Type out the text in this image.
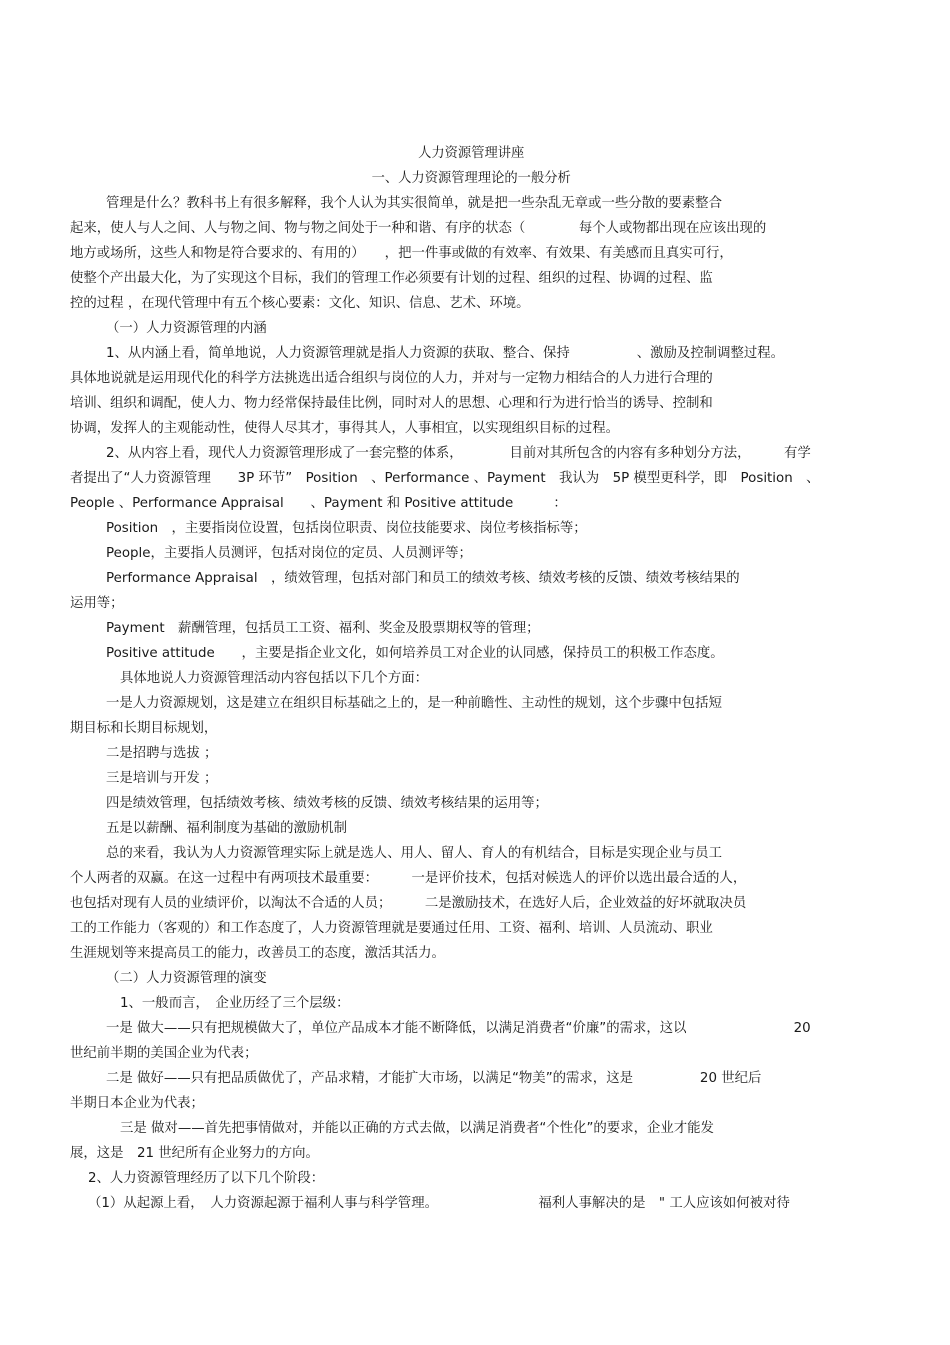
人力资源管理讲座
一、人力资源管理理论的一般分析
管理是什么？教科书上有很多解释，我个人认为其实很简单，就是把一些杂乱无章或一些分散的要素整合
起来，使人与人之间、人与物之间、物与物之间处于一种和谐、有序的状态（　　　　每个人或物都出现在应该出现的
地方或场所，这些人和物是符合要求的、有用的）　　，把一件事或做的有效率、有效果、有美感而且真实可行，
使整个产出最大化，为了实现这个目标，我们的管理工作必须要有计划的过程、组织的过程、协调的过程、监
控的过程 ，在现代管理中有五个核心要素：文化、知识、信息、艺术、环境。
（一）人力资源管理的内涵
1、从内涵上看，简单地说，人力资源管理就是指人力资源的获取、整合、保持　　　　　、激励及控制调整过程。
具体地说就是运用现代化的科学方法挑选出适合组织与岗位的人力，并对与一定物力相结合的人力进行合理的
培训、组织和调配，使人力、物力经常保持最佳比例，同时对人的思想、心理和行为进行恰当的诱导、控制和
协调，发挥人的主观能动性，使得人尽其才，事得其人，人事相宜，以实现组织目标的过程。
2、从内容上看，现代人力资源管理形成了一套完整的体系，　　　　目前对其所包含的内容有多种划分方法，　　　有学
者提出了“人力资源管理　　3P 环节”　Position　、Performance 、Payment　我认为　5P 模型更科学，即　Position　、
People 、Performance Appraisal　　、Payment 和 Positive attitude　　　：
Position　，主要指岗位设置，包括岗位职责、岗位技能要求、岗位考核指标等；
People，主要指人员测评，包括对岗位的定员、人员测评等；
Performance Appraisal　，绩效管理，包括对部门和员工的绩效考核、绩效考核的反馈、绩效考核结果的
运用等；
Payment　薪酬管理，包括员工工资、福利、奖金及股票期权等的管理；
Positive attitude　　，主要是指企业文化，如何培养员工对企业的认同感，保持员工的积极工作态度。
具体地说人力资源管理活动内容包括以下几个方面：
一是人力资源规划，这是建立在组织目标基础之上的，是一种前瞻性、主动性的规划，这个步骤中包括短
期目标和长期目标规划，
二是招聘与选拔 ；
三是培训与开发 ；
四是绩效管理，包括绩效考核、绩效考核的反馈、绩效考核结果的运用等；
五是以薪酬、福利制度为基础的激励机制
总的来看，我认为人力资源管理实际上就是选人、用人、留人、育人的有机结合，目标是实现企业与员工
个人两者的双赢。在这一过程中有两项技术最重要：　　　一是评价技术，包括对候选人的评价以选出最合适的人，
也包括对现有人员的业绩评价，以淘汰不合适的人员；　　　二是激励技术，在选好人后，企业效益的好坏就取决员
工的工作能力（客观的）和工作态度了，人力资源管理就是要通过任用、工资、福利、培训、人员流动、职业
生涯规划等来提高员工的能力，改善员工的态度，激活其活力。
（二）人力资源管理的演变
1、一般而言，　企业历经了三个层级：
一是 做大——只有把规模做大了，单位产品成本才能不断降低，以满足消费者“价廉”的需求，这以　　　　　　　　20
世纪前半期的美国企业为代表；
二是 做好——只有把品质做优了，产品求精，才能扩大市场，以满足“物美”的需求，这是　　　　　20 世纪后
半期日本企业为代表；
三是 做对——首先把事情做对，并能以正确的方式去做，以满足消费者“个性化”的要求，企业才能发
展，这是　21 世纪所有企业努力的方向。
2、人力资源管理经历了以下几个阶段：
（1）从起源上看，　人力资源起源于福利人事与科学管理。　　　　　　　　福利人事解决的是　" 工人应该如何被对待
